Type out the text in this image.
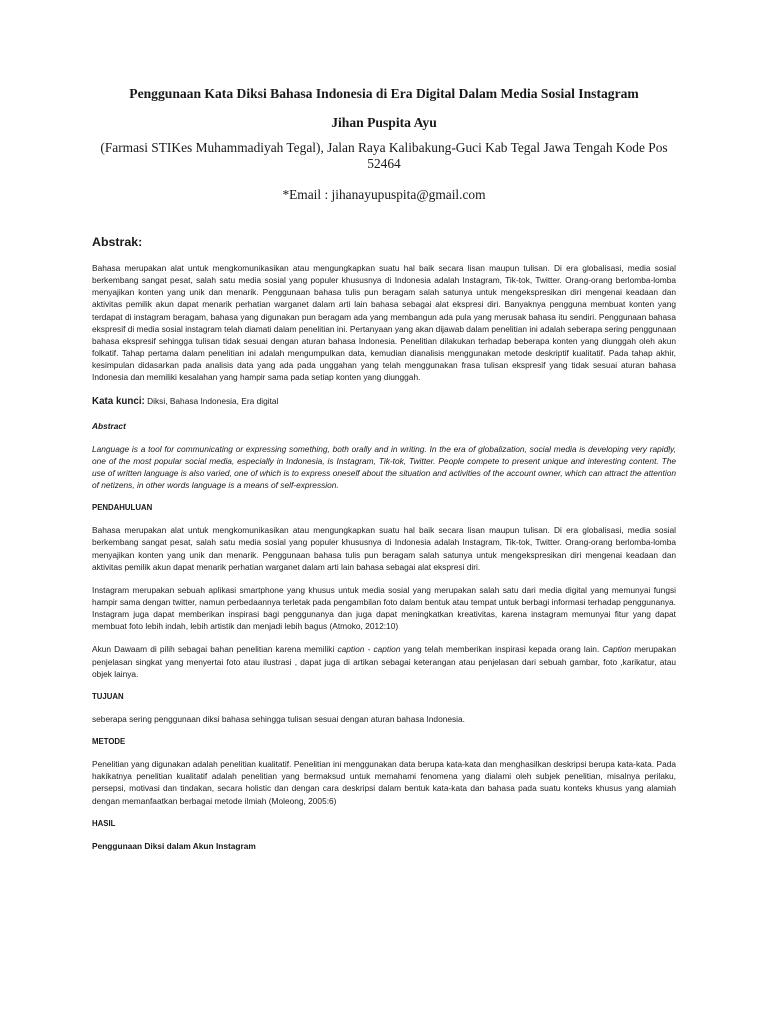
Penggunaan Kata Diksi Bahasa Indonesia di Era Digital Dalam Media Sosial Instagram
Jihan Puspita Ayu
(Farmasi STIKes Muhammadiyah Tegal), Jalan Raya Kalibakung-Guci Kab Tegal Jawa Tengah Kode Pos 52464
*Email : jihanayupuspita@gmail.com
Abstrak:

Bahasa merupakan alat untuk mengkomunikasikan atau mengungkapkan suatu hal baik secara lisan maupun tulisan. Di era globalisasi, media sosial berkembang sangat pesat, salah satu media sosial yang populer khususnya di Indonesia adalah Instagram, Tik-tok, Twitter. Orang-orang berlomba-lomba menyajikan konten yang unik dan menarik. Penggunaan bahasa tulis pun beragam salah satunya untuk mengekspresikan diri mengenai keadaan dan aktivitas pemilik akun dapat menarik perhatian warganet dalam arti lain bahasa sebagai alat ekspresi diri. Banyaknya pengguna membuat konten yang terdapat di instagram beragam, bahasa yang digunakan pun beragam ada yang membangun ada pula yang merusak bahasa itu sendiri. Penggunaan bahasa ekspresif di media sosial instagram telah diamati dalam penelitian ini. Pertanyaan yang akan dijawab dalam penelitian ini adalah seberapa sering penggunaan bahasa ekspresif sehingga tulisan tidak sesuai dengan aturan bahasa Indonesia. Penelitian dilakukan terhadap beberapa konten yang diunggah oleh akun folkatif. Tahap pertama dalam penelitian ini adalah mengumpulkan data, kemudian dianalisis menggunakan metode deskriptif kualitatif. Pada tahap akhir, kesimpulan didasarkan pada analisis data yang ada pada unggahan yang telah menggunakan frasa tulisan ekspresif yang tidak sesuai aturan bahasa Indonesia dan memiliki kesalahan yang hampir sama pada setiap konten yang diunggah.

Kata kunci: Diksi, Bahasa Indonesia, Era digital
Abstract

Language is a tool for communicating or expressing something, both orally and in writing. In the era of globalization, social media is developing very rapidly, one of the most popular social media, especially in Indonesia, is Instagram, Tik-tok, Twitter. People compete to present unique and interesting content. The use of written language is also varied, one of which is to express oneself about the situation and activities of the account owner, which can attract the attention of netizens, in other words language is a means of self-expression.

PENDAHULUAN

Bahasa merupakan alat untuk mengkomunikasikan atau mengungkapkan suatu hal baik secara lisan maupun tulisan. Di era globalisasi, media sosial berkembang sangat pesat, salah satu media sosial yang populer khususnya di Indonesia adalah Instagram, Tik-tok, Twitter. Orang-orang berlomba-lomba menyajikan konten yang unik dan menarik. Penggunaan bahasa tulis pun beragam salah satunya untuk mengekspresikan diri mengenai keadaan dan aktivitas pemilik akun dapat menarik perhatian warganet dalam arti lain bahasa sebagai alat ekspresi diri.

Instagram merupakan sebuah aplikasi smartphone yang khusus untuk media sosial yang merupakan salah satu dari media digital yang memunyai fungsi hampir sama dengan twitter, namun perbedaannya terletak pada pengambilan foto dalam bentuk atau tempat untuk berbagi informasi terhadap penggunanya. Instagram juga dapat memberikan inspirasi bagi penggunanya dan juga dapat meningkatkan kreativitas, karena instagram memunyai fitur yang dapat membuat foto lebih indah, lebih artistik dan menjadi lebih bagus (Atmoko, 2012:10)

Akun Dawaam di pilih sebagai bahan penelitian karena memiliki caption - caption yang telah memberikan inspirasi kepada orang lain. Caption merupakan penjelasan singkat yang menyertai foto atau ilustrasi , dapat juga di artikan sebagai keterangan atau penjelasan dari sebuah gambar, foto ,karikatur, atau objek lainya.

TUJUAN

seberapa sering penggunaan diksi bahasa sehingga tulisan sesuai dengan aturan bahasa Indonesia.

METODE

Penelitian yang digunakan adalah penelitian kualitatif. Penelitian ini menggunakan data berupa kata-kata dan menghasilkan deskripsi berupa kata-kata. Pada hakikatnya penelitian kualitatif adalah penelitian yang bermaksud untuk memahami fenomena yang dialami oleh subjek penelitian, misalnya perilaku, persepsi, motivasi dan tindakan, secara holistic dan dengan cara deskripsi dalam bentuk kata-kata dan bahasa pada suatu konteks khusus yang alamiah dengan memanfaatkan berbagai metode ilmiah (Moleong, 2005:6)

HASIL
Penggunaan Diksi dalam Akun Instagram
